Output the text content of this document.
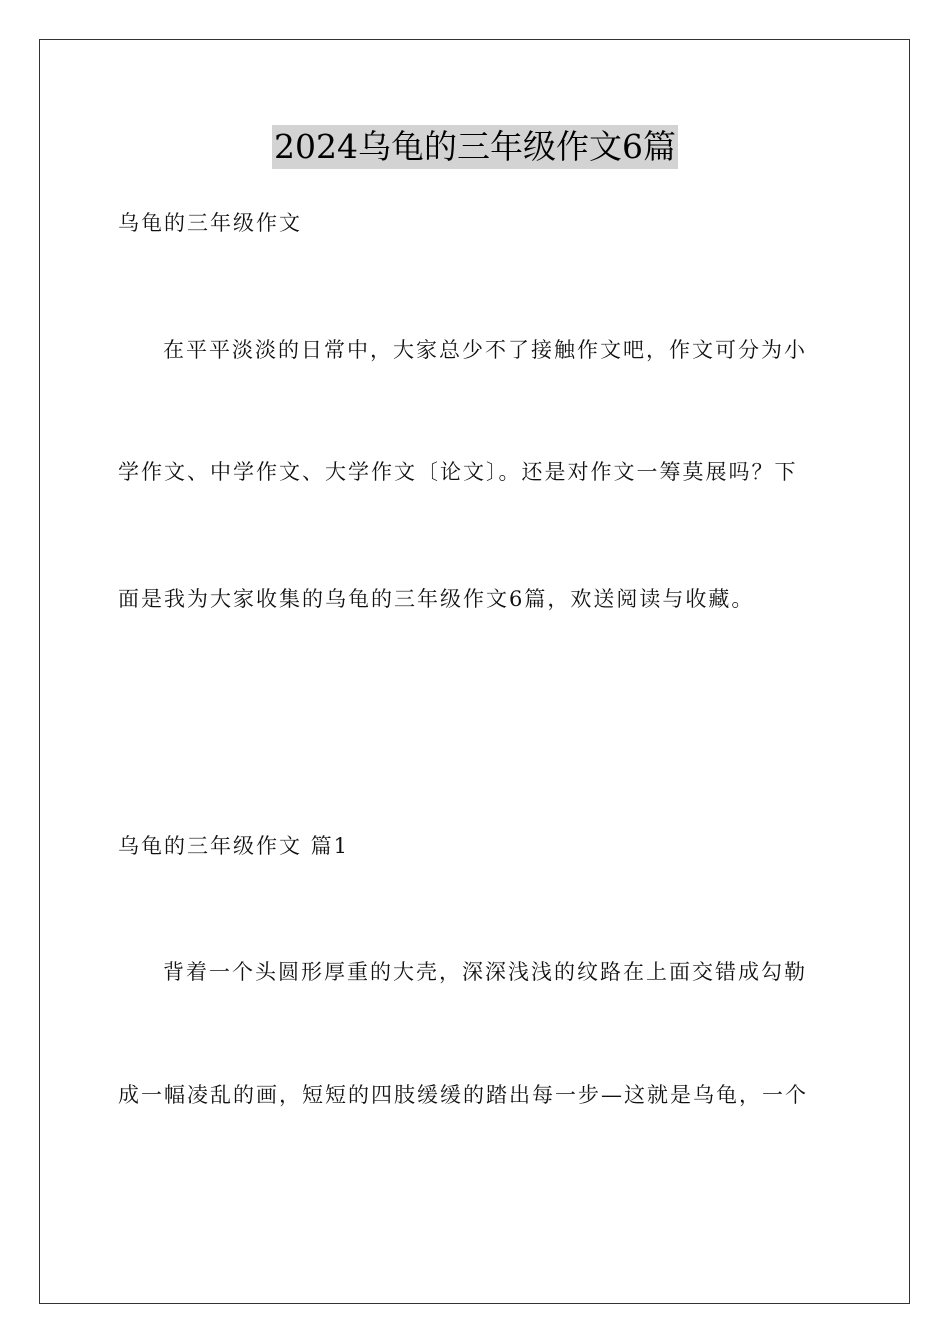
2024乌龟的三年级作文6篇
乌龟的三年级作文
在平平淡淡的日常中，大家总少不了接触作文吧，作文可分为小
学作文、中学作文、大学作文〔论文〕。还是对作文一筹莫展吗？下
面是我为大家收集的乌龟的三年级作文6篇，欢送阅读与收藏。
乌龟的三年级作文 篇1
背着一个头圆形厚重的大壳，深深浅浅的纹路在上面交错成勾勒
成一幅凌乱的画，短短的四肢缓缓的踏出每一步—这就是乌龟，一个
